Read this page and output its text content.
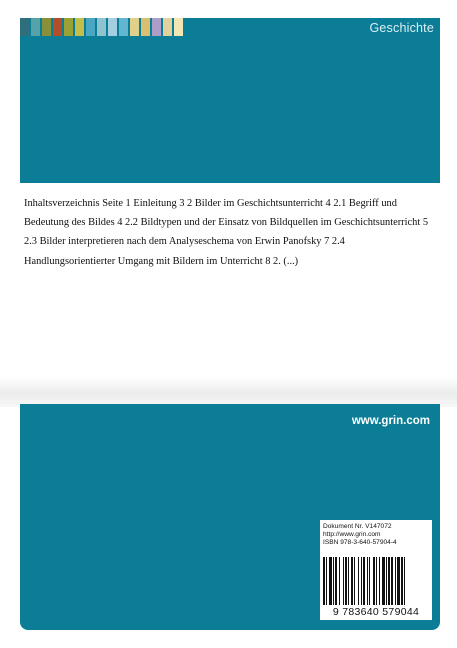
Geschichte

Inhaltsverzeichnis Seite 1 Einleitung 3 2 Bilder im Geschichtsunterricht 4 2.1 Begriff und Bedeutung des Bildes 4 2.2 Bildtypen und der Einsatz von Bildquellen im Geschichtsunterricht 5 2.3 Bilder interpretieren nach dem Analyseschema von Erwin Panofsky 7 2.4 Handlungsorientierter Umgang mit Bildern im Unterricht 8 2. (...)

www.grin.com
Dokument Nr. V147072
http://www.grin.com
ISBN 978-3-640-57904-4
9 783640 579044
